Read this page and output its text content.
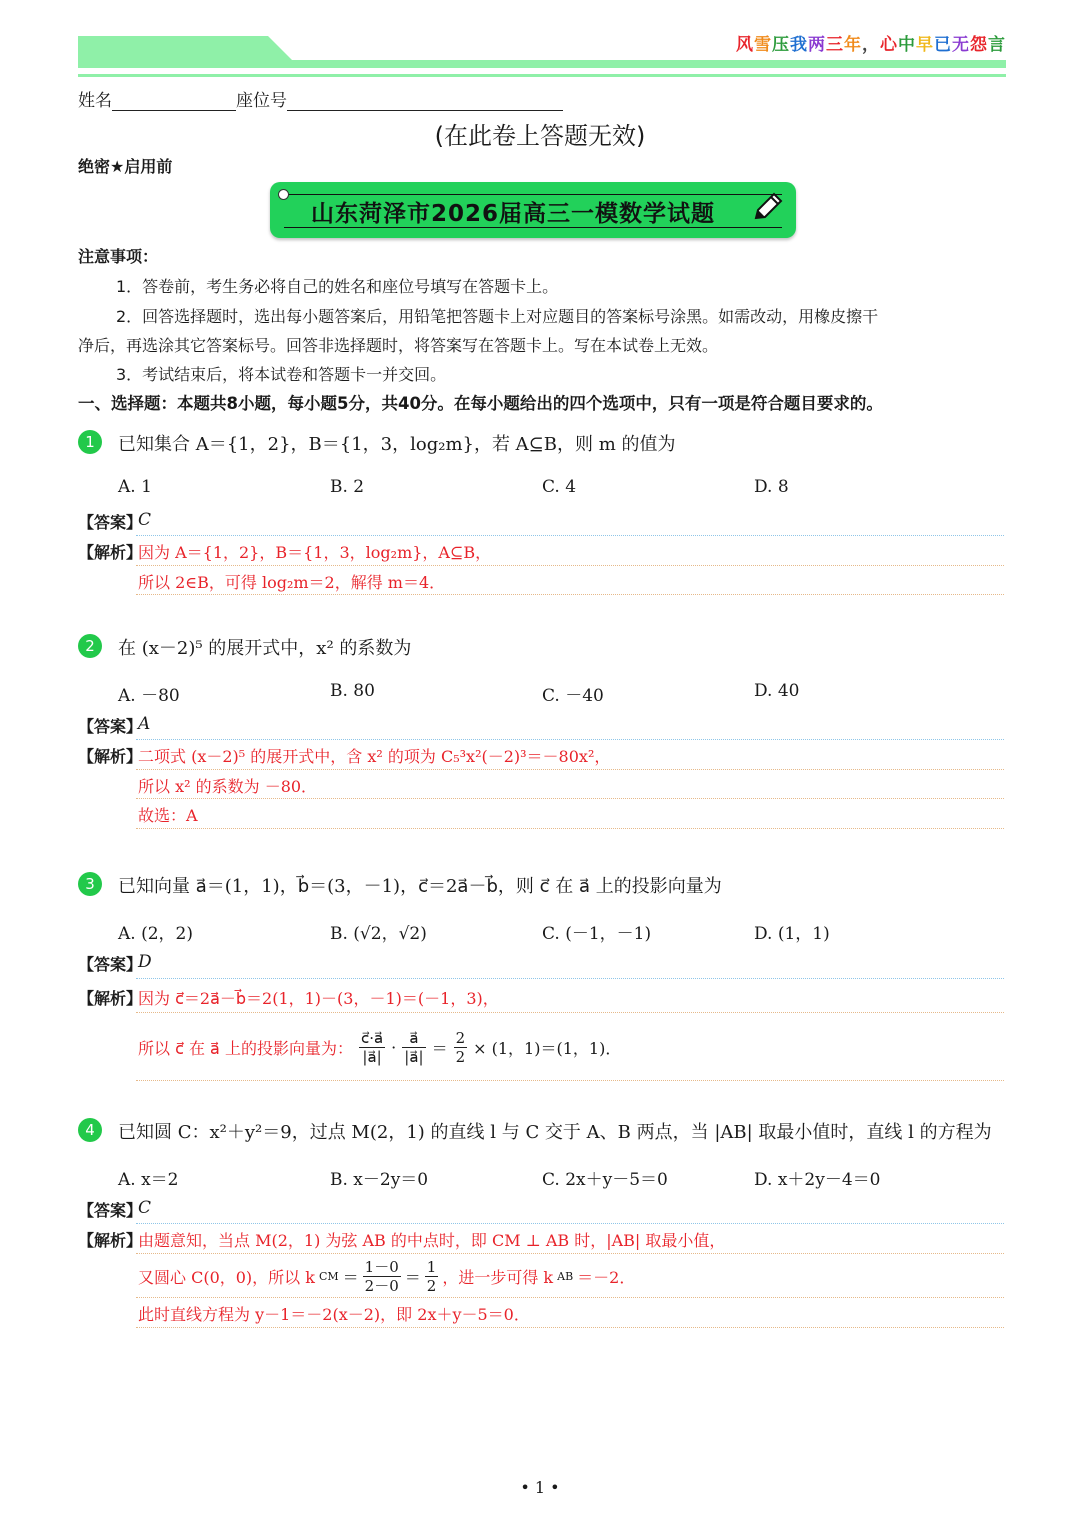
风雪压我两三年，心中早已无怨言
姓名	座位号
(在此卷上答题无效)
绝密★启用前
山东菏泽市2026届高三一模数学试题
注意事项：
1．答卷前，考生务必将自己的姓名和座位号填写在答题卡上。
2．回答选择题时，选出每小题答案后，用铅笔把答题卡上对应题目的答案标号涂黑。如需改动，用橡皮擦干
净后，再选涂其它答案标号。回答非选择题时，将答案写在答题卡上。写在本试卷上无效。
3．考试结束后，将本试卷和答题卡一并交回。
一、选择题：本题共8小题，每小题5分，共40分。在每小题给出的四个选项中，只有一项是符合题目要求的。
1	已知集合 A＝{1，2}，B＝{1，3，log₂m}，若 A⊆B，则 m 的值为
A. 1	B. 2	C. 4	D. 8
【答案】
C
【解析】
因为 A＝{1，2}，B＝{1，3，log₂m}，A⊆B，
所以 2∈B，可得 log₂m＝2，解得 m＝4．
2	在 (x－2)⁵ 的展开式中，x² 的系数为
A. －80	B. 80	C. －40	D. 40
【答案】
A
【解析】
二项式 (x－2)⁵ 的展开式中，含 x² 的项为 C₅³x²(－2)³＝－80x²，
所以 x² 的系数为 －80．
故选：A
3	已知向量 a⃗＝(1，1)，b⃗＝(3，－1)，c⃗＝2a⃗－b⃗，则 c⃗ 在 a⃗ 上的投影向量为
A. (2，2)	B. (√2，√2)	C. (－1，－1)	D. (1，1)
【答案】
D
【解析】
因为 c⃗＝2a⃗－b⃗＝2(1，1)－(3，－1)＝(－1，3)，
所以 c⃗ 在 a⃗ 上的投影向量为： $\frac{c⃗\cdot a⃗}{|a⃗|} \cdot \frac{a⃗}{|a⃗|} = \frac{2}{2} \times (1$，1)＝(1，1)．
4	已知圆 C：x²＋y²＝9，过点 M(2，1) 的直线 l 与 C 交于 A、B 两点，当 |AB| 取最小值时，直线 l 的方程为
A. x＝2	B. x－2y＝0	C. 2x＋y－5＝0	D. x＋2y－4＝0
【答案】
C
【解析】
由题意知，当点 M(2，1) 为弦 AB 的中点时，即 CM ⊥ AB 时，|AB| 取最小值，
又圆心 C(0，0)，所以 k CM ＝ $\frac{1-0}{2-0} = \frac{1}{2}$ ，进一步可得 k AB ＝－2．
此时直线方程为 y－1＝－2(x－2)，即 2x＋y－5＝0．
• 1 •
